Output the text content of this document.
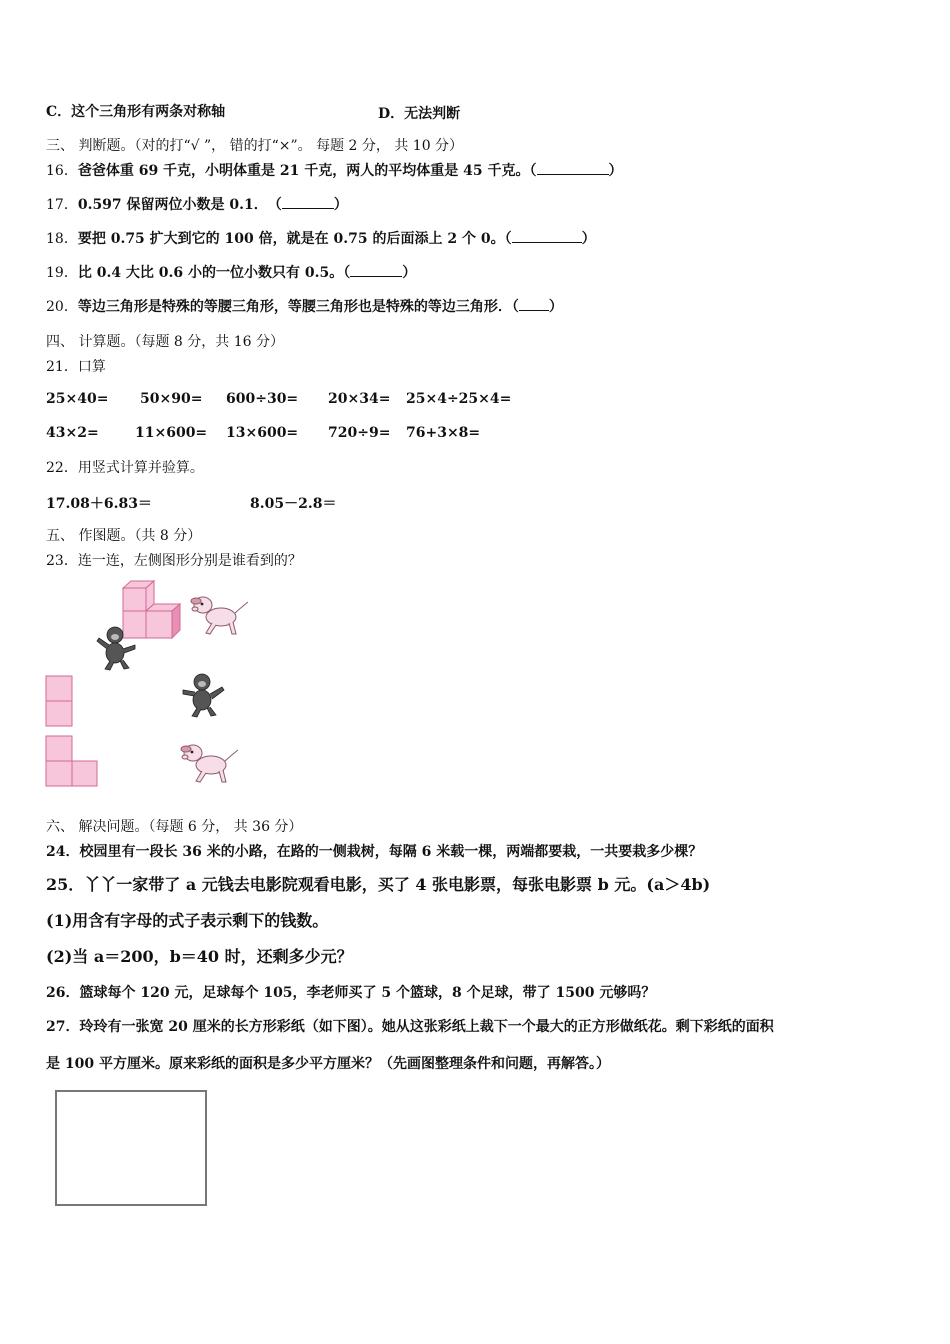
C．这个三角形有两条对称轴	D．无法判断
三、 判断题。（对的打“√ ”， 错的打“×”。 每题 2 分， 共 10 分）
16．爸爸体重 69 千克，小明体重是 21 千克，两人的平均体重是 45 千克。（	）
17．0.597 保留两位小数是 0.1．　（	）
18．要把 0.75 扩大到它的 100 倍，就是在 0.75 的后面添上 2 个 0。（	）
19．比 0.4 大比 0.6 小的一位小数只有 0.5。（	）
20．等边三角形是特殊的等腰三角形，等腰三角形也是特殊的等边三角形．（ ）
四、 计算题。（每题 8 分，共 16 分）
21．口算
25×40= 50×90= 600÷30= 20×34= 25×4÷25×4=
43×2=	11×600= 13×600= 720÷9= 76+3×8=
22．用竖式计算并验算。
17.08＋6.83＝	8.05－2.8＝
五、 作图题。（共 8 分）
23．连一连，左侧图形分别是谁看到的？
六、 解决问题。（每题 6 分， 共 36 分）
24．校园里有一段长 36 米的小路，在路的一侧栽树，每隔 6 米载一棵，两端都要栽，一共要栽多少棵？
25．丫丫一家带了 a 元钱去电影院观看电影，买了 4 张电影票，每张电影票 b 元。(a＞4b)
(1)用含有字母的式子表示剩下的钱数。
(2)当 a＝200，b＝40 时，还剩多少元？
26．篮球每个 120 元，足球每个 105，李老师买了 5 个篮球，8 个足球，带了 1500 元够吗？
27．玲玲有一张宽 20 厘米的长方形彩纸（如下图）。她从这张彩纸上裁下一个最大的正方形做纸花。剩下彩纸的面积
是 100 平方厘米。原来彩纸的面积是多少平方厘米？（先画图整理条件和问题，再解答。）
